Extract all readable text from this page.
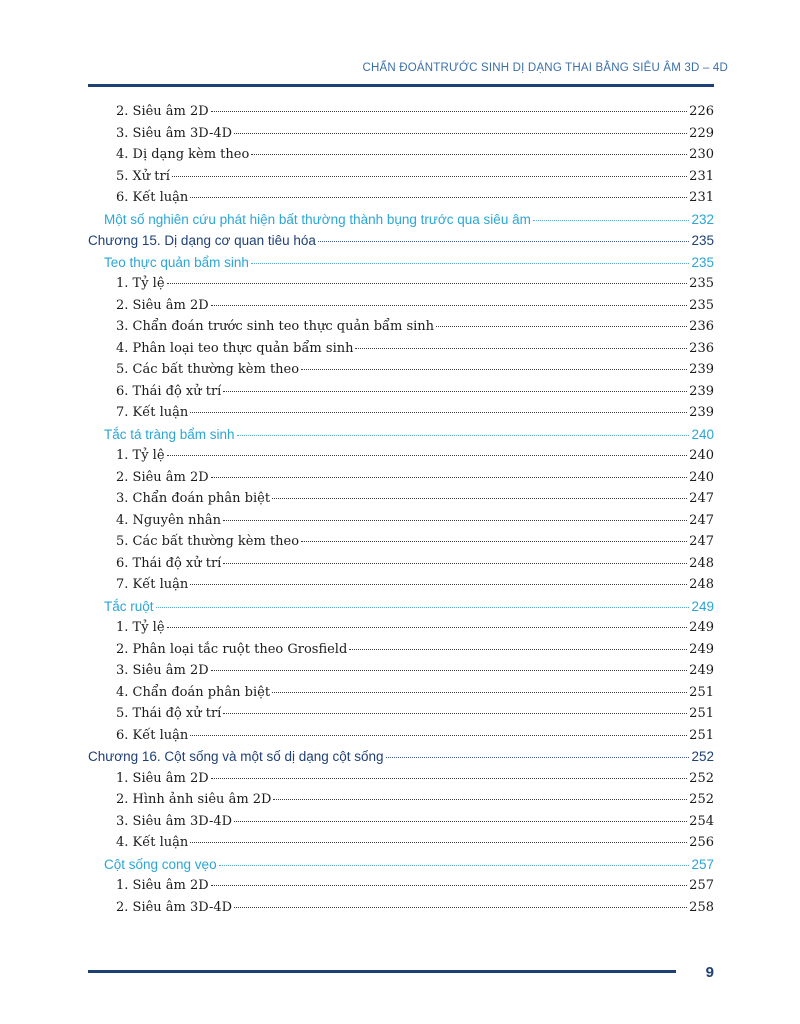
CHẨN ĐOÁNTRƯỚC SINH DỊ DẠNG THAI BẰNG SIÊU ÂM 3D – 4D
2. Siêu âm 2D	226
3. Siêu âm 3D-4D	229
4. Dị dạng kèm theo	230
5. Xử trí	231
6. Kết luận	231
Một số nghiên cứu phát hiện bất thường thành bụng trước qua siêu âm	232
Chương 15. Dị dạng cơ quan tiêu hóa	235
Teo thực quản bẩm sinh	235
1. Tỷ lệ	235
2. Siêu âm 2D	235
3. Chẩn đoán trước sinh teo thực quản bẩm sinh	236
4. Phân loại teo thực quản bẩm sinh	236
5. Các bất thường kèm theo	239
6. Thái độ xử trí	239
7. Kết luận	239
Tắc tá tràng bẩm sinh	240
1. Tỷ lệ	240
2. Siêu âm 2D	240
3. Chẩn đoán phân biệt	247
4. Nguyên nhân	247
5. Các bất thường kèm theo	247
6. Thái độ xử trí	248
7. Kết luận	248
Tắc ruột	249
1. Tỷ lệ	249
2. Phân loại tắc ruột theo Grosfield	249
3. Siêu âm 2D	249
4. Chẩn đoán phân biệt	251
5. Thái độ xử trí	251
6. Kết luận	251
Chương 16. Cột sống và một số dị dạng cột sống	252
1. Siêu âm 2D	252
2. Hình ảnh siêu âm 2D	252
3. Siêu âm 3D-4D	254
4. Kết luận	256
Cột sống cong vẹo	257
1. Siêu âm 2D	257
2. Siêu âm 3D-4D	258
9
